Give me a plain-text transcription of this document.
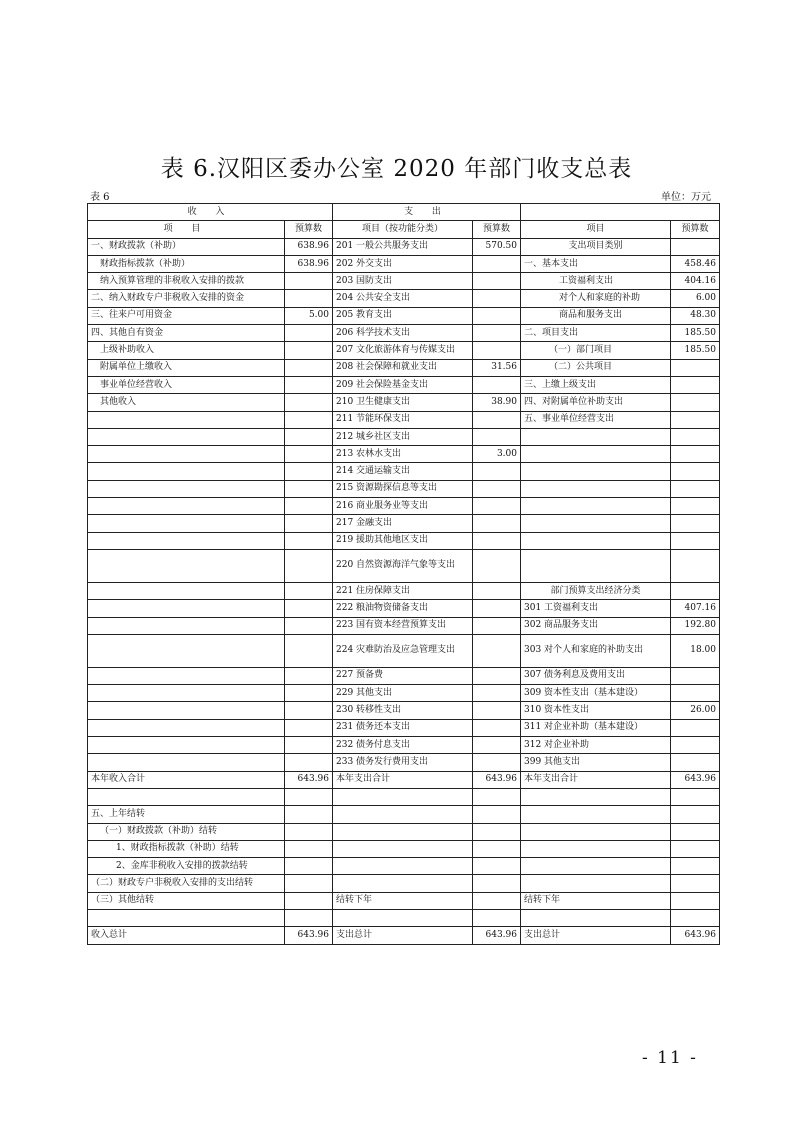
表 6.汉阳区委办公室 2020 年部门收支总表
表 6	单位：万元
收 入		支 出			
项 目	预算数	项目（按功能分类）	预算数	项目	预算数
一、财政拨款（补助）	638.96	201 一般公共服务支出	570.50	支出项目类别	
财政指标拨款（补助）	638.96	202 外交支出		一、基本支出	458.46
纳入预算管理的非税收入安排的拨款		203 国防支出		工资福利支出	404.16
二、纳入财政专户非税收入安排的资金		204 公共安全支出		对个人和家庭的补助	6.00
三、往来户可用资金	5.00	205 教育支出		商品和服务支出	48.30
四、其他自有资金		206 科学技术支出		二、项目支出	185.50
上级补助收入		207 文化旅游体育与传媒支出		（一）部门项目	185.50
附属单位上缴收入		208 社会保障和就业支出	31.56	（二）公共项目	
事业单位经营收入		209 社会保险基金支出		三、上缴上级支出	
其他收入		210 卫生健康支出	38.90	四、对附属单位补助支出	
		211 节能环保支出		五、事业单位经营支出	
		212 城乡社区支出			
		213 农林水支出	3.00		
		214 交通运输支出			
		215 资源勘探信息等支出			
		216 商业服务业等支出			
		217 金融支出			
		219 援助其他地区支出			
		220 自然资源海洋气象等支出			
		221 住房保障支出		部门预算支出经济分类	
		222 粮油物资储备支出		301 工资福利支出	407.16
		223 国有资本经营预算支出		302 商品服务支出	192.80
		224 灾难防治及应急管理支出		303 对个人和家庭的补助支出	18.00
		227 预备费		307 债务利息及费用支出	
		229 其他支出		309 资本性支出（基本建设）	
		230 转移性支出		310 资本性支出	26.00
		231 债务还本支出		311 对企业补助（基本建设）	
		232 债务付息支出		312 对企业补助	
		233 债务发行费用支出		399 其他支出	
本年收入合计	643.96	本年支出合计	643.96	本年支出合计	643.96

五、上年结转					
（一）财政拨款（补助）结转					
1、财政指标拨款（补助）结转					
2、金库非税收入安排的拨款结转					
（二）财政专户非税收入安排的支出结转					
（三）其他结转		结转下年		结转下年	

收入总计	643.96	支出总计	643.96	支出总计	643.96
- 11 -
